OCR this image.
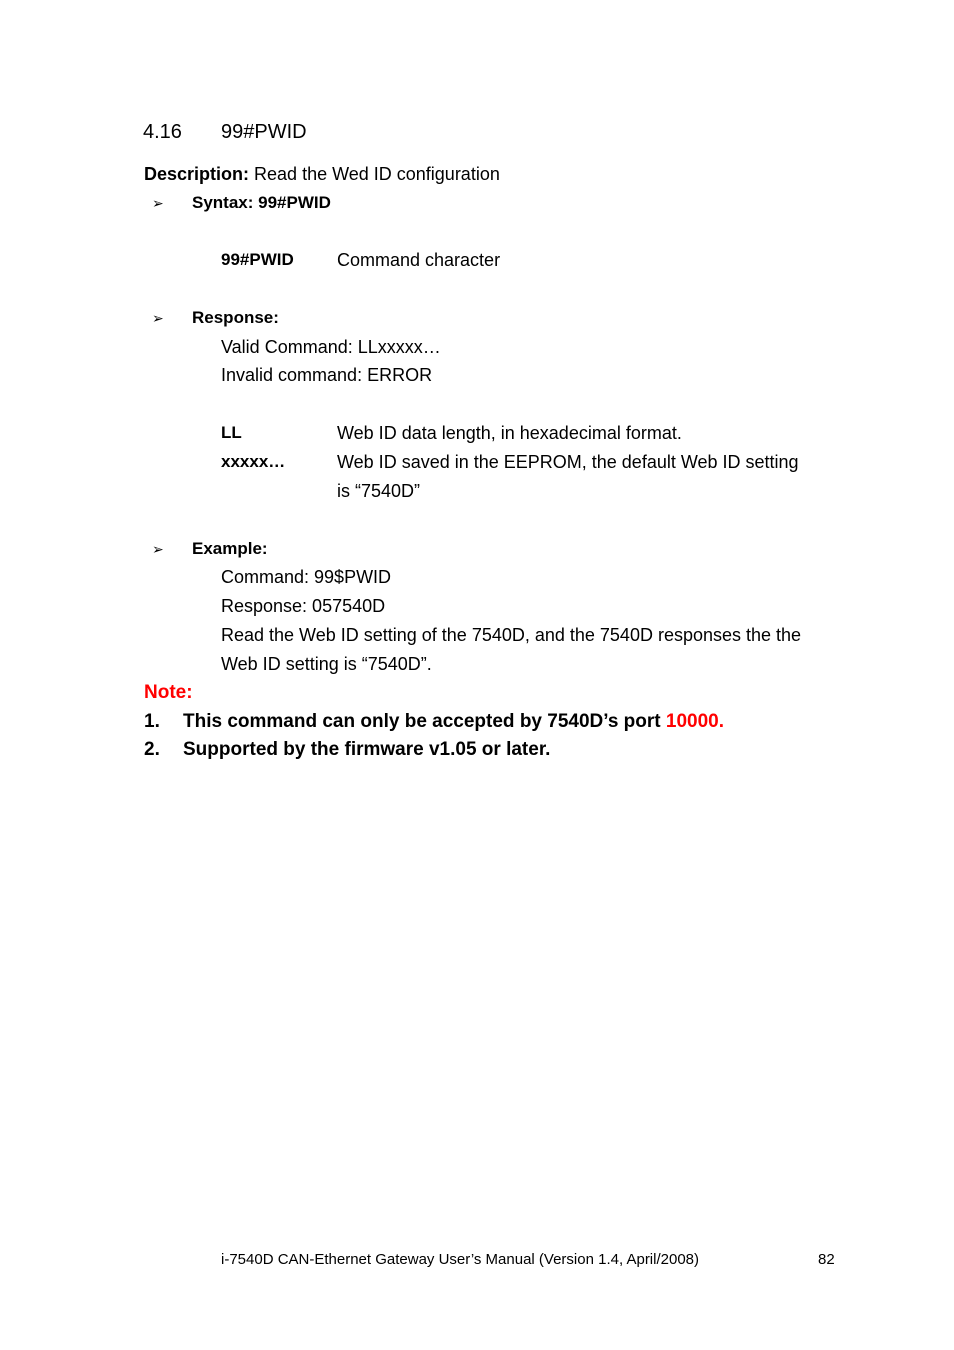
4.16 99#PWID
Description: Read the Wed ID configuration
➢ Syntax: 99#PWID
99#PWID Command character
➢ Response:
Valid Command: LLxxxxx…
Invalid command: ERROR
LL	Web ID data length, in hexadecimal format.
xxxxx…	Web ID saved in the EEPROM, the default Web ID setting
is “7540D”
➢ Example:
Command: 99$PWID
Response: 057540D
Read the Web ID setting of the 7540D, and the 7540D responses the the
Web ID setting is “7540D”.
Note:
1. This command can only be accepted by 7540D’s port 10000.
2. Supported by the firmware v1.05 or later.
i-7540D CAN-Ethernet Gateway User’s Manual (Version 1.4, April/2008)	82
